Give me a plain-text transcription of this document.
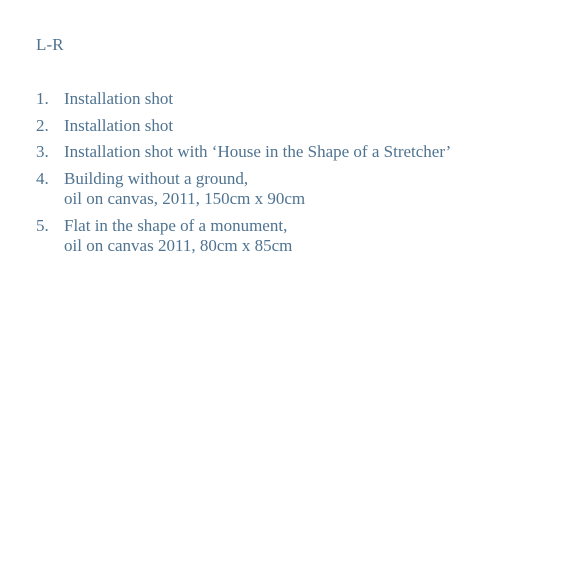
L-R
1. Installation shot
2. Installation shot
3. Installation shot with ‘House in the Shape of a Stretcher’
4. Building without a ground,
oil on canvas, 2011, 150cm x 90cm
5. Flat in the shape of a monument,
oil on canvas 2011, 80cm x 85cm
